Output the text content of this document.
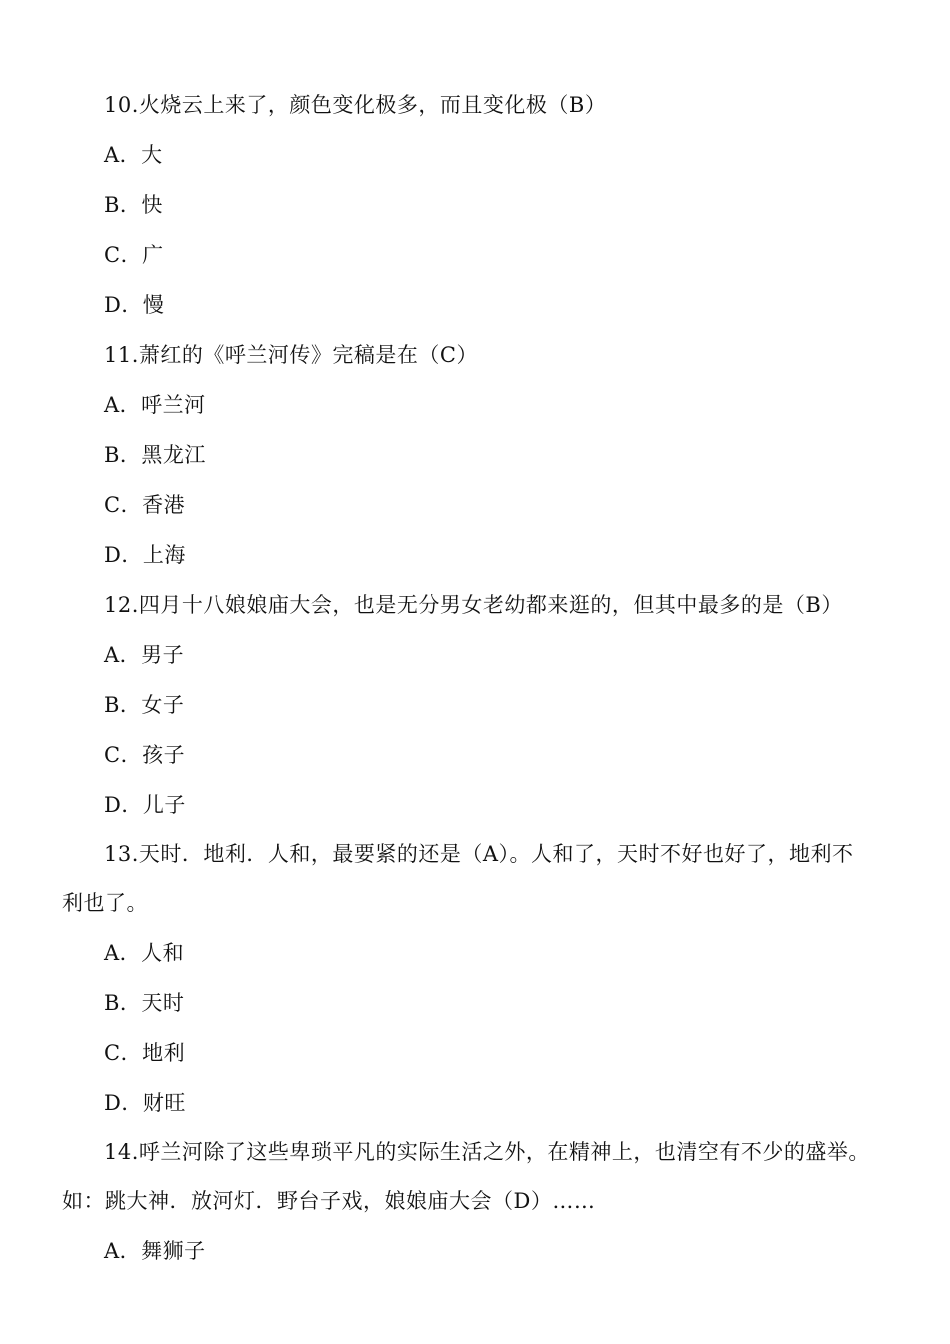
10.火烧云上来了，颜色变化极多，而且变化极（B）
A．大
B．快
C．广
D．慢
11.萧红的《呼兰河传》完稿是在（C）
A．呼兰河
B．黑龙江
C．香港
D．上海
12.四月十八娘娘庙大会，也是无分男女老幼都来逛的，但其中最多的是（B）
A．男子
B．女子
C．孩子
D．儿子
13.天时．地利．人和，最要紧的还是（A）。人和了，天时不好也好了，地利不
利也了。
A．人和
B．天时
C．地利
D．财旺
14.呼兰河除了这些卑琐平凡的实际生活之外，在精神上，也清空有不少的盛举。
如：跳大神．放河灯．野台子戏，娘娘庙大会（D）……
A．舞狮子
